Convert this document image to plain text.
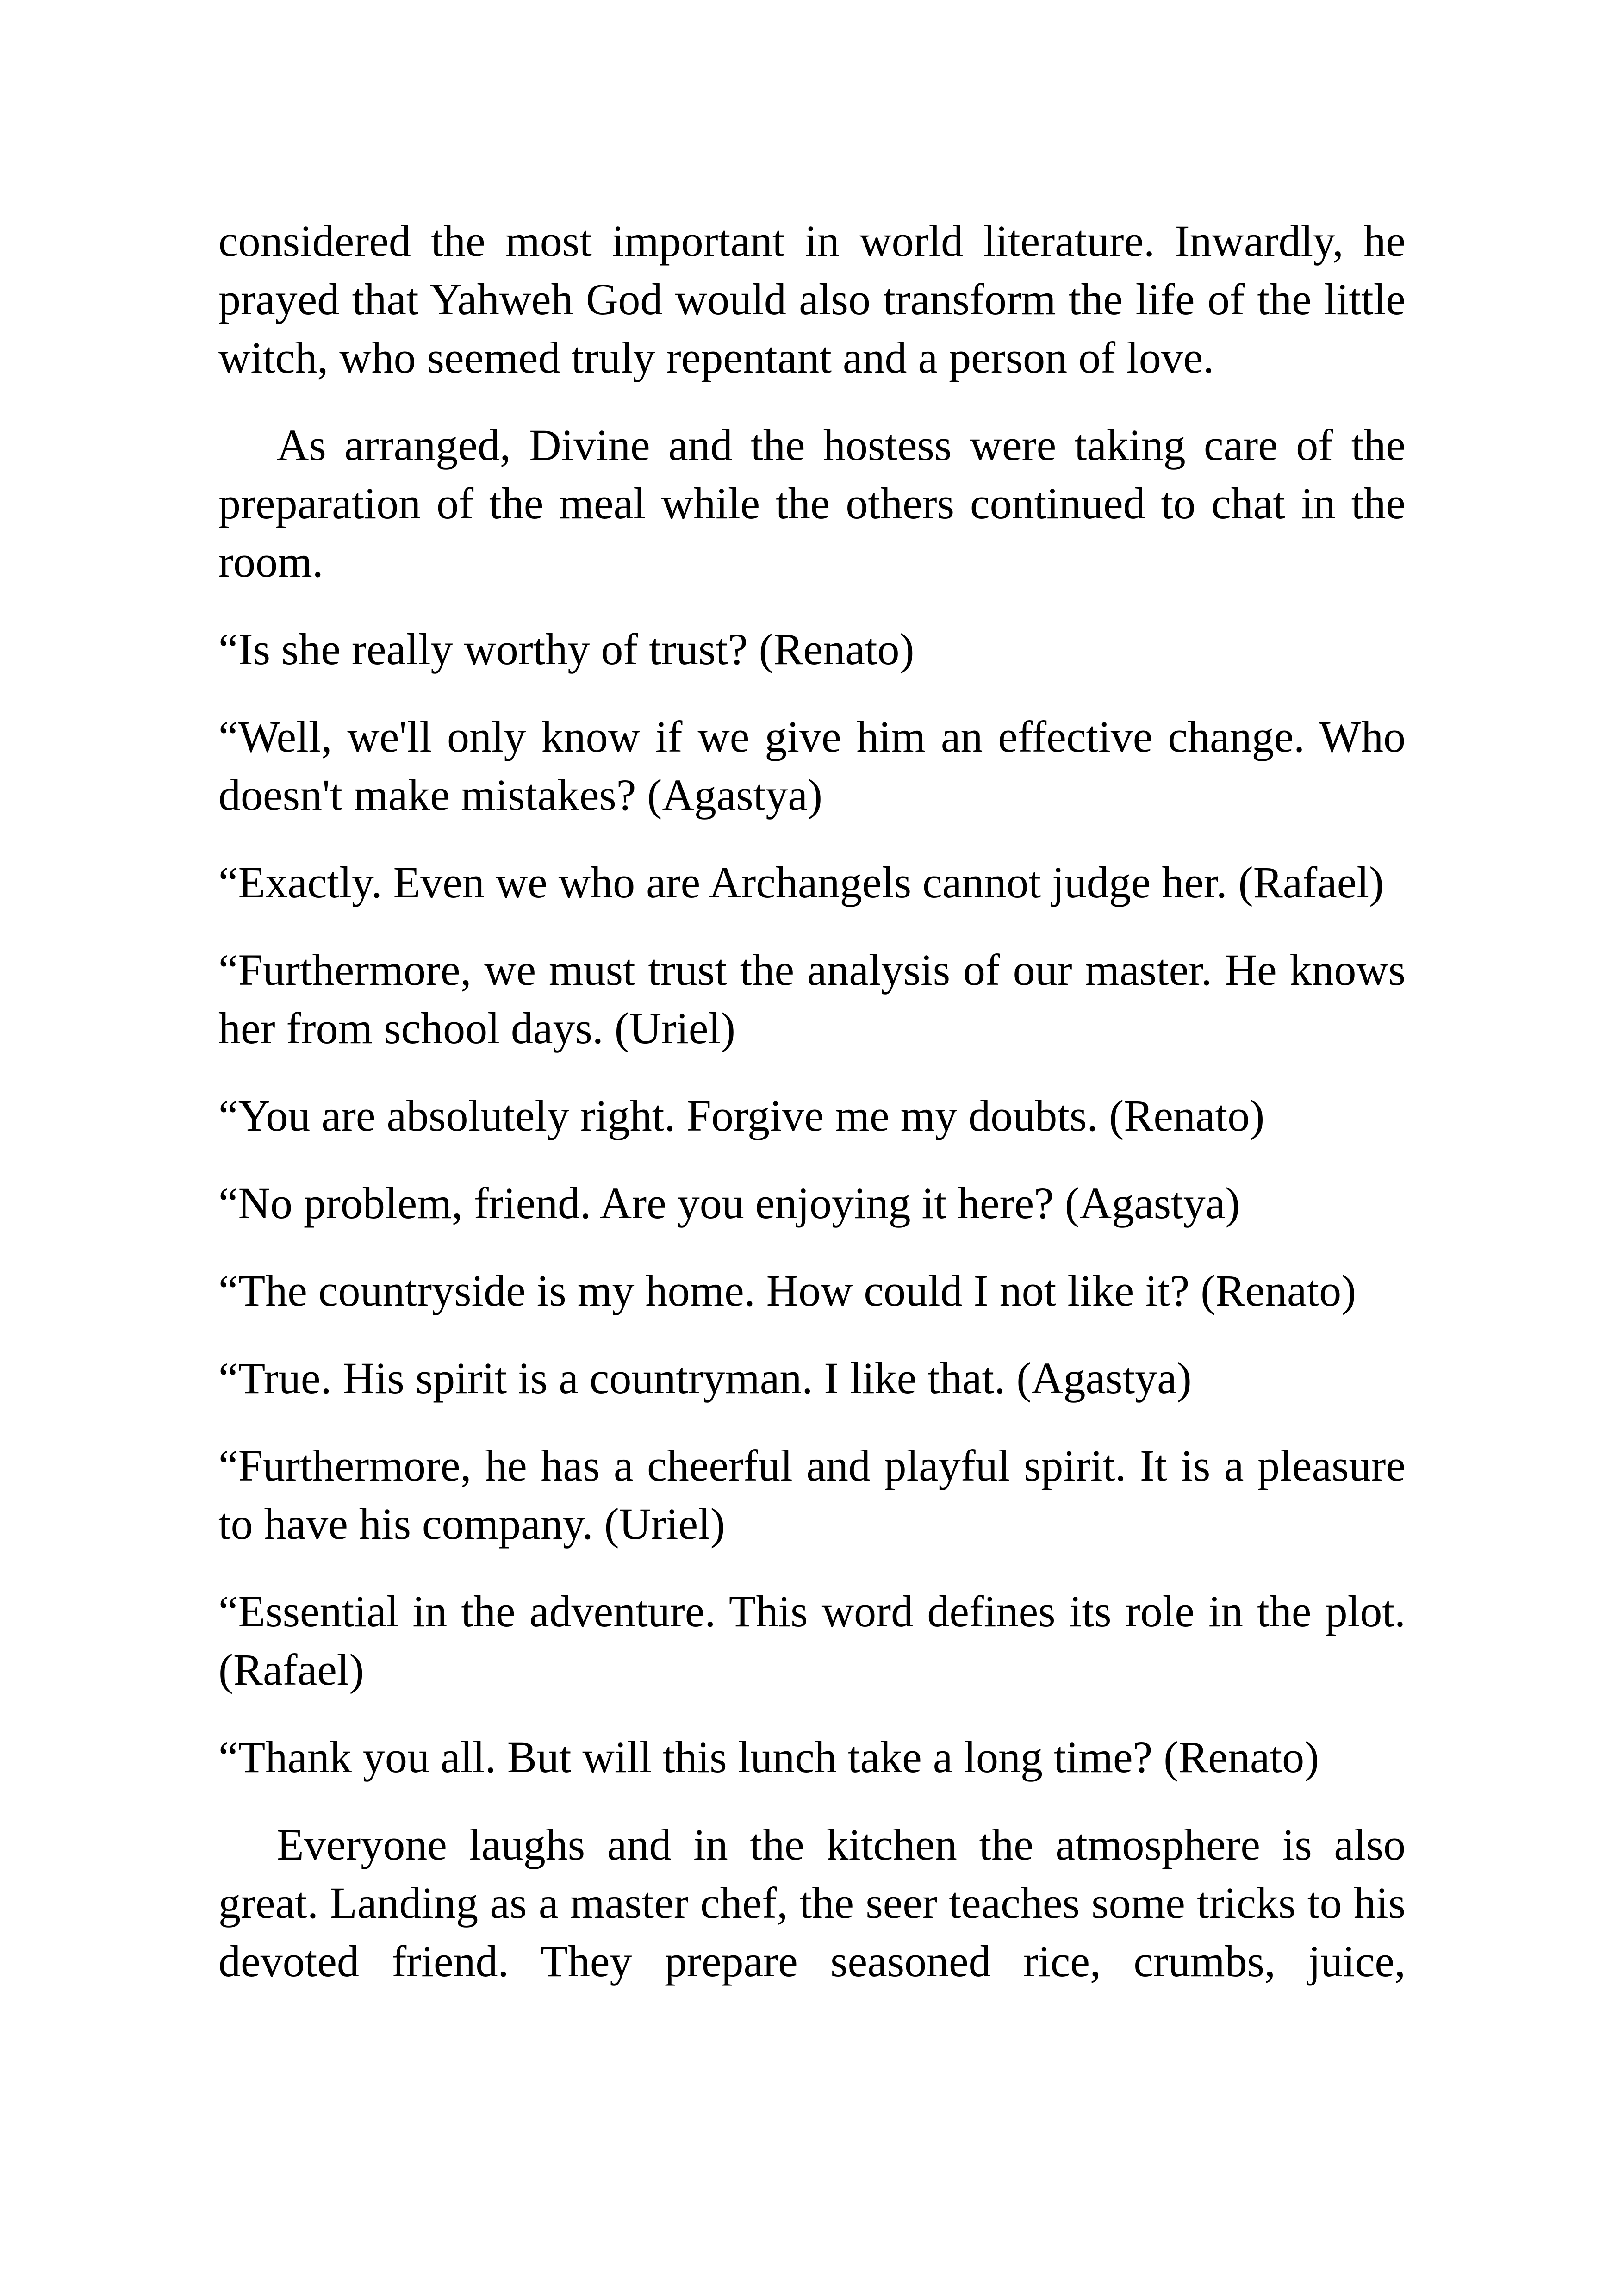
considered the most important in world literature. Inwardly, he prayed that Yahweh God would also transform the life of the little witch, who seemed truly repentant and a person of love.

As arranged, Divine and the hostess were taking care of the preparation of the meal while the others continued to chat in the room.

“Is she really worthy of trust? (Renato)

“Well, we'll only know if we give him an effective change. Who doesn't make mistakes? (Agastya)

“Exactly. Even we who are Archangels cannot judge her. (Rafael)

“Furthermore, we must trust the analysis of our master. He knows her from school days. (Uriel)

“You are absolutely right. Forgive me my doubts. (Renato)

“No problem, friend. Are you enjoying it here? (Agastya)

“The countryside is my home. How could I not like it? (Renato)

“True. His spirit is a countryman. I like that. (Agastya)

“Furthermore, he has a cheerful and playful spirit. It is a pleasure to have his company. (Uriel)

“Essential in the adventure. This word defines its role in the plot. (Rafael)

“Thank you all. But will this lunch take a long time? (Renato)

Everyone laughs and in the kitchen the atmosphere is also great. Landing as a master chef, the seer teaches some tricks to his devoted friend. They prepare seasoned rice, crumbs, juice,
